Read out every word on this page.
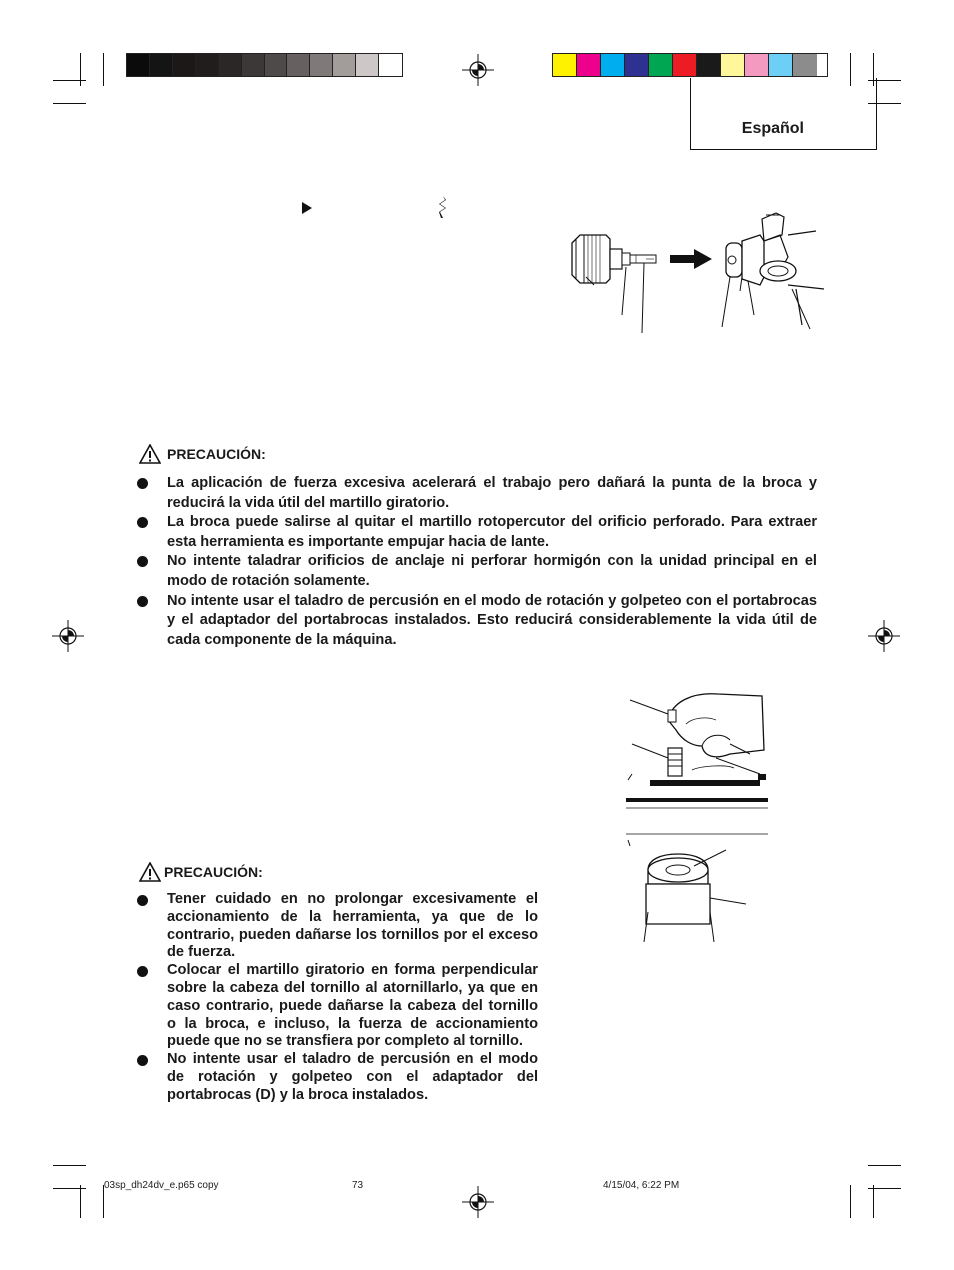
Español
PRECAUCIÓN:
La aplicación de fuerza excesiva acelerará el trabajo pero dañará la punta de la broca y reducirá la vida útil del martillo giratorio.
La broca puede salirse al quitar el martillo rotopercutor del orificio perforado. Para extraer esta herramienta es importante empujar hacia de lante.
No intente taladrar orificios de anclaje ni perforar hormigón con la unidad principal en el modo de rotación solamente.
No intente usar el taladro de percusión en el modo de rotación y golpeteo con el portabrocas y el adaptador del portabrocas instalados. Esto reducirá considerablemente la vida útil de cada componente de la máquina.
PRECAUCIÓN:
Tener cuidado en no prolongar excesivamente el accionamiento de la herramienta, ya que de lo contrario, pueden dañarse los tornillos por el exceso de fuerza.
Colocar el martillo giratorio en forma perpendicular sobre la cabeza del tornillo al atornillarlo, ya que en caso contrario, puede dañarse la cabeza del tornillo o la broca, e incluso, la fuerza de accionamiento puede que no se transfiera por completo al tornillo.
No intente usar el taladro de percusión en el modo de rotación y golpeteo con el adaptador del portabrocas (D) y la broca instalados.
03sp_dh24dv_e.p65 copy	73	4/15/04, 6:22 PM
